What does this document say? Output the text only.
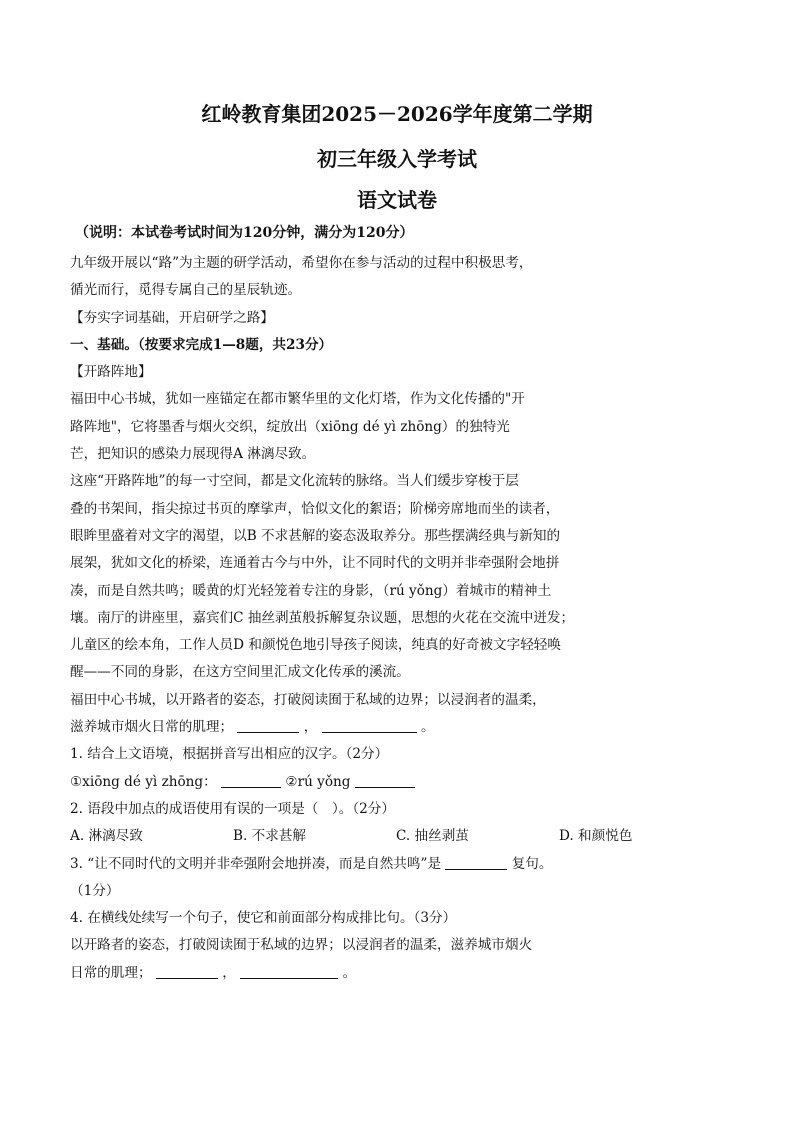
红岭教育集团2025－2026学年度第二学期
初三年级入学考试
语文试卷
（说明：本试卷考试时间为120分钟，满分为120分）
九年级开展以“路”为主题的研学活动，希望你在参与活动的过程中积极思考，
循光而行，觅得专属自己的星辰轨迹。
【夯实字词基础，开启研学之路】
一、基础。（按要求完成1—8题，共23分）
【开路阵地】
福田中心书城，犹如一座锚定在都市繁华里的文化灯塔，作为文化传播的"开
路阵地"，它将墨香与烟火交织，绽放出（xiōng dé yì zhōng）的独特光
芒，把知识的感染力展现得A 淋漓尽致。
这座“开路阵地”的每一寸空间，都是文化流转的脉络。当人们缓步穿梭于层
叠的书架间，指尖掠过书页的摩挲声，恰似文化的絮语；阶梯旁席地而坐的读者，
眼眸里盛着对文字的渴望，以B 不求甚解的姿态汲取养分。那些摆满经典与新知的
展架，犹如文化的桥梁，连通着古今与中外，让不同时代的文明并非牵强附会地拼
凑，而是自然共鸣；暖黄的灯光轻笼着专注的身影，（rú yǒng）着城市的精神土
壤。南厅的讲座里，嘉宾们C 抽丝剥茧般拆解复杂议题，思想的火花在交流中迸发；
儿童区的绘本角，工作人员D 和颜悦色地引导孩子阅读，纯真的好奇被文字轻轻唤
醒——不同的身影，在这方空间里汇成文化传承的溪流。
福田中心书城，以开路者的姿态，打破阅读囿于私域的边界；以浸润者的温柔，
滋养城市烟火日常的肌理；	，	。
1. 结合上文语境，根据拼音写出相应的汉字。（2分）
①xiōng dé yì zhōng：	②rú yǒng
2. 语段中加点的成语使用有误的一项是（　）。（2分）
A. 淋漓尽致	B. 不求甚解	C. 抽丝剥茧	D. 和颜悦色
3. “让不同时代的文明并非牵强附会地拼凑，而是自然共鸣”是	复句。
（1分）
4. 在横线处续写一个句子，使它和前面部分构成排比句。（3分）
以开路者的姿态，打破阅读囿于私域的边界；以浸润者的温柔，滋养城市烟火
日常的肌理；	，	。
